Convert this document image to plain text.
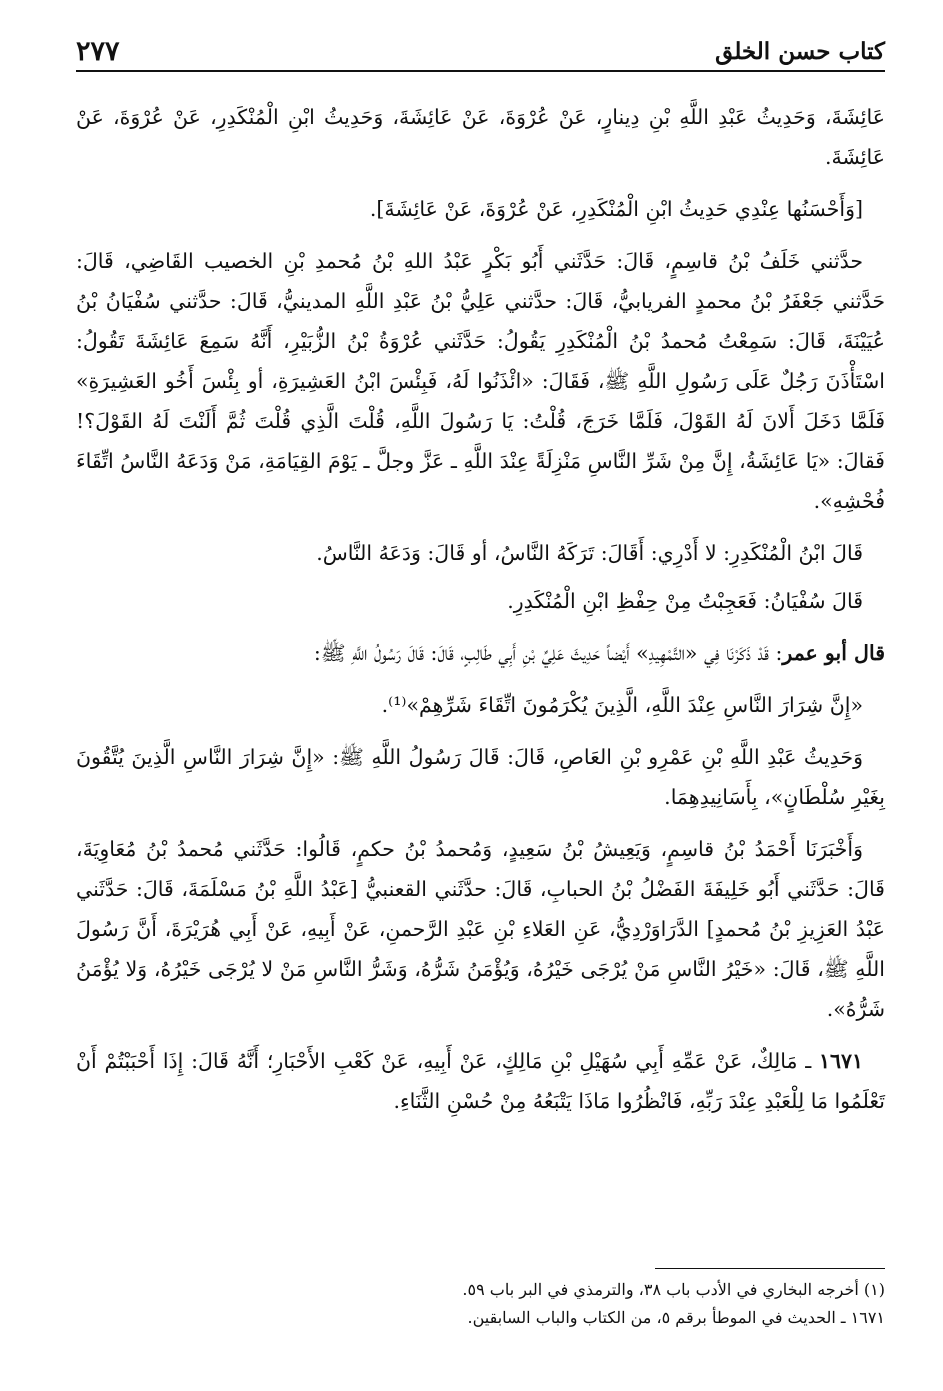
٢٧٧	كتاب حسن الخلق

عَائِشَةَ، وَحَدِيثُ عَبْدِ اللَّهِ بْنِ دِينارٍ، عَنْ عُرْوَةَ، عَنْ عَائِشَةَ، وَحَدِيثُ ابْنِ الْمُنْكَدِرِ، عَنْ عُرْوَةَ، عَنْ عَائِشَةَ.

[وَأَحْسَنُها عِنْدِي حَدِيثُ ابْنِ الْمُنْكَدِرِ، عَنْ عُرْوَةَ، عَنْ عَائِشَةَ].

حدَّثني خَلَفُ بْنُ قاسِمٍ، قَالَ: حَدَّثَني أَبُو بَكْرٍ عَبْدُ اللهِ بْنُ مُحمدِ بْنِ الخصيب القَاضِي، قَالَ: حَدَّثني جَعْفَرُ بْنُ محمدٍ الفريابيُّ، قَالَ: حدَّثني عَلِيُّ بْنُ عَبْدِ اللَّهِ المدينيُّ، قَالَ: حدَّثني سُفْيَانُ بْنُ عُيَيْنَةَ، قَالَ: سَمِعْتُ مُحمدُ بْنُ الْمُنْكَدِرِ يَقُولُ: حَدَّثَني عُرْوَةُ بْنُ الزُّبَيْرِ، أَنَّهُ سَمِعَ عَائِشَةَ تَقُولُ: اسْتَأْذَنَ رَجُلٌ عَلَى رَسُولِ اللَّهِ ﷺ، فَقَالَ: «ائْذَنُوا لَهُ، فَبِئْسَ ابْنُ العَشِيرَةِ، أو بِئْسَ أَخُو العَشِيرَةِ» فَلَمَّا دَخَلَ أَلانَ لَهُ القَوْلَ، فَلَمَّا خَرَجَ، قُلْتُ: يَا رَسُولَ اللَّهِ، قُلْتَ الَّذِي قُلْتَ ثُمَّ أَلَنْتَ لَهُ القَوْلَ؟! فَقالَ: «يَا عَائِشَةُ، إِنَّ مِنْ شَرِّ النَّاسِ مَنْزِلَةً عِنْدَ اللَّهِ ـ عَزَّ وجلَّ ـ يَوْمَ القِيَامَةِ، مَنْ وَدَعَهُ النَّاسُ اتِّقَاءَ فُحْشِهِ».

قَالَ ابْنُ الْمُنْكَدِرِ: لا أَدْرِي: أَقَالَ: تَرَكَهُ النَّاسُ، أو قَالَ: وَدَعَهُ النَّاسُ.

قَالَ سُفْيَانُ: فَعَجِبْتُ مِنْ حِفْظِ ابْنِ الْمُنْكَدِرِ.

قال أبو عمر: قَدْ ذَكَرْنَا فِي «التَّمْهِيدِ» أَيْضاً حَدِيثَ عَلِيِّ بْنِ أَبِي طَالِبٍ، قَالَ: قَالَ رَسُولُ اللَّهِ ﷺ:

«إِنَّ شِرَارَ النَّاسِ عِنْدَ اللَّهِ، الَّذِينَ يُكْرَمُونَ اتِّقَاءَ شَرِّهِمْ»⁽¹⁾.

وَحَدِيثُ عَبْدِ اللَّهِ بْنِ عَمْرِو بْنِ العَاصِ، قَالَ: قَالَ رَسُولُ اللَّهِ ﷺ: «إِنَّ شِرَارَ النَّاسِ الَّذِينَ يُتَّقُونَ بِغَيْرِ سُلْطَانٍ»، بِأَسَانِيدِهِمَا.

وَأَخْبَرَنَا أَحْمَدُ بْنُ قاسِمٍ، وَيَعِيشُ بْنُ سَعِيدٍ، وَمُحمدُ بْنُ حكمٍ، قَالُوا: حَدَّثَني مُحمدُ بْنُ مُعَاوِيَةَ، قَالَ: حَدَّثَني أَبُو خَلِيفَةَ الفَضْلُ بْنُ الحبابِ، قَالَ: حدَّثَني القعنبيُّ [عَبْدُ اللَّهِ بْنُ مَسْلَمَةَ، قَالَ: حَدَّثَني عَبْدُ العَزِيزِ بْنُ مُحمدٍ] الدَّرَاوَرْدِيُّ، عَنِ العَلاءِ بْنِ عَبْدِ الرَّحمنِ، عَنْ أَبِيهِ، عَنْ أَبِي هُرَيْرَةَ، أَنَّ رَسُولَ اللَّهِ ﷺ، قَالَ: «خَيْرُ النَّاسِ مَنْ يُرْجَى خَيْرُهُ، وَيُؤْمَنُ شَرُّهُ، وَشَرُّ النَّاسِ مَنْ لا يُرْجَى خَيْرُهُ، وَلا يُؤْمَنُ شَرُّهُ».

١٦٧١ ـ مَالِكٌ، عَنْ عَمِّهِ أَبِي سُهَيْلِ بْنِ مَالِكٍ، عَنْ أَبِيهِ، عَنْ كَعْبِ الأَحْبَارِ؛ أَنَّهُ قَالَ: إِذَا أَحْبَبْتُمْ أَنْ تَعْلَمُوا مَا لِلْعَبْدِ عِنْدَ رَبِّهِ، فَانْظُرُوا مَاذَا يَتْبَعُهُ مِنْ حُسْنِ الثَّنَاءِ.

(١) أخرجه البخاري في الأدب باب ٣٨، والترمذي في البر باب ٥٩.
١٦٧١ ـ الحديث في الموطأ برقم ٥، من الكتاب والباب السابقين.
